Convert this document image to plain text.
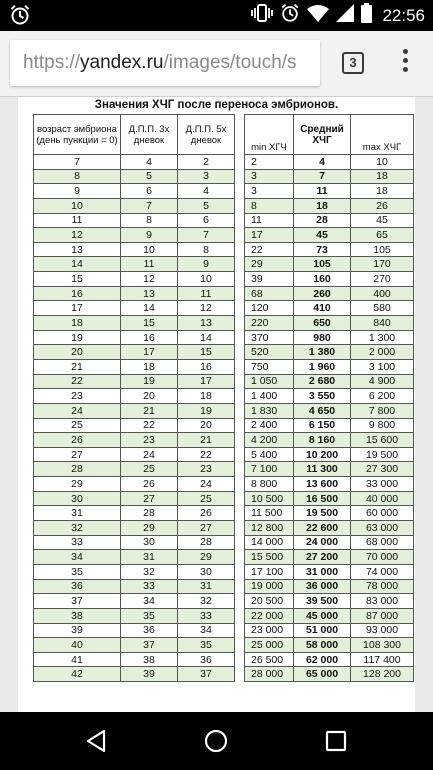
22:56
https://yandex.ru/images/touch/s	3
Значения ХЧГ после переноса эмбрионов.
возраст эмбриона (день пункции = 0)	Д.П.П. 3х дневок	Д.П.П. 5х дневок		min ХГЧ	Средний ХЧГ	max ХЧГ
7	4	2		2	4	10
8	5	3		3	7	18
9	6	4		3	11	18
10	7	5		8	18	26
11	8	6		11	28	45
12	9	7		17	45	65
13	10	8		22	73	105
14	11	9		29	105	170
15	12	10		39	160	270
16	13	11		68	260	400
17	14	12		120	410	580
18	15	13		220	650	840
19	16	14		370	980	1 300
20	17	15		520	1 380	2 000
21	18	16		750	1 960	3 100
22	19	17		1 050	2 680	4 900
23	20	18		1 400	3 550	6 200
24	21	19		1 830	4 650	7 800
25	22	20		2 400	6 150	9 800
26	23	21		4 200	8 160	15 600
27	24	22		5 400	10 200	19 500
28	25	23		7 100	11 300	27 300
29	26	24		8 800	13 600	33 000
30	27	25		10 500	16 500	40 000
31	28	26		11 500	19 500	60 000
32	29	27		12 800	22 600	63 000
33	30	28		14 000	24 000	68 000
34	31	29		15 500	27 200	70 000
35	32	30		17 100	31 000	74 000
36	33	31		19 000	36 000	78 000
37	34	32		20 500	39 500	83 000
38	35	33		22 000	45 000	87 000
39	36	34		23 000	51 000	93 000
40	37	35		25 000	58 000	108 300
41	38	36		26 500	62 000	117 400
42	39	37		28 000	65 000	128 200
